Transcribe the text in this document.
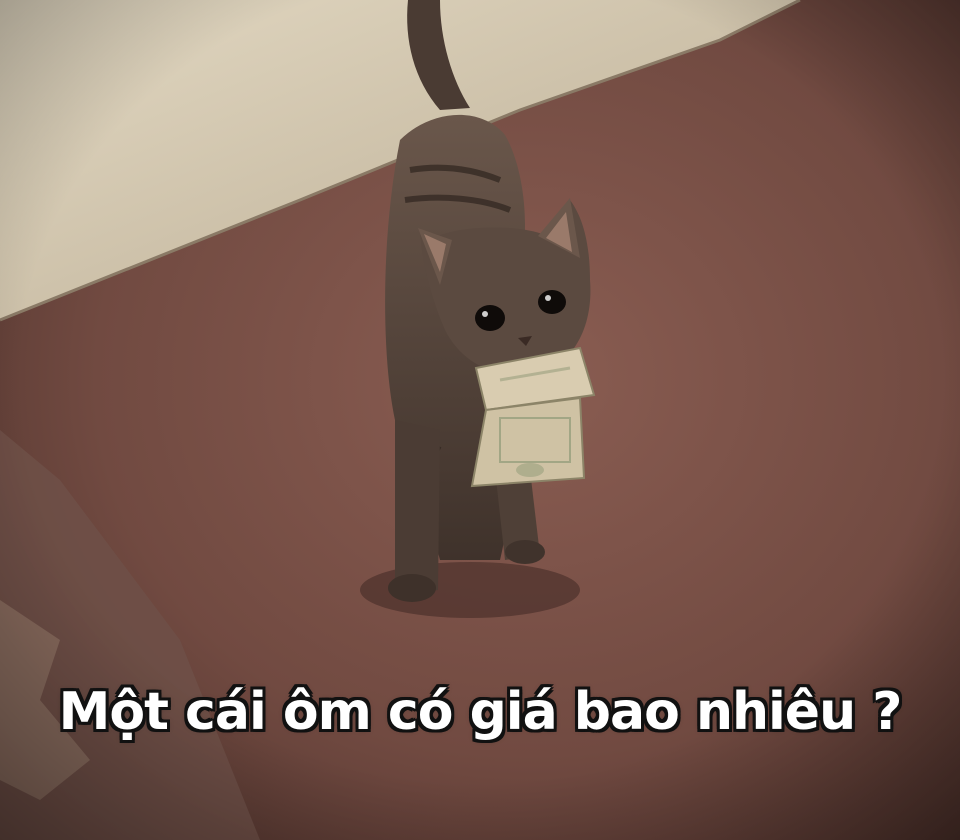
Một cái ôm có giá bao nhiêu ?
